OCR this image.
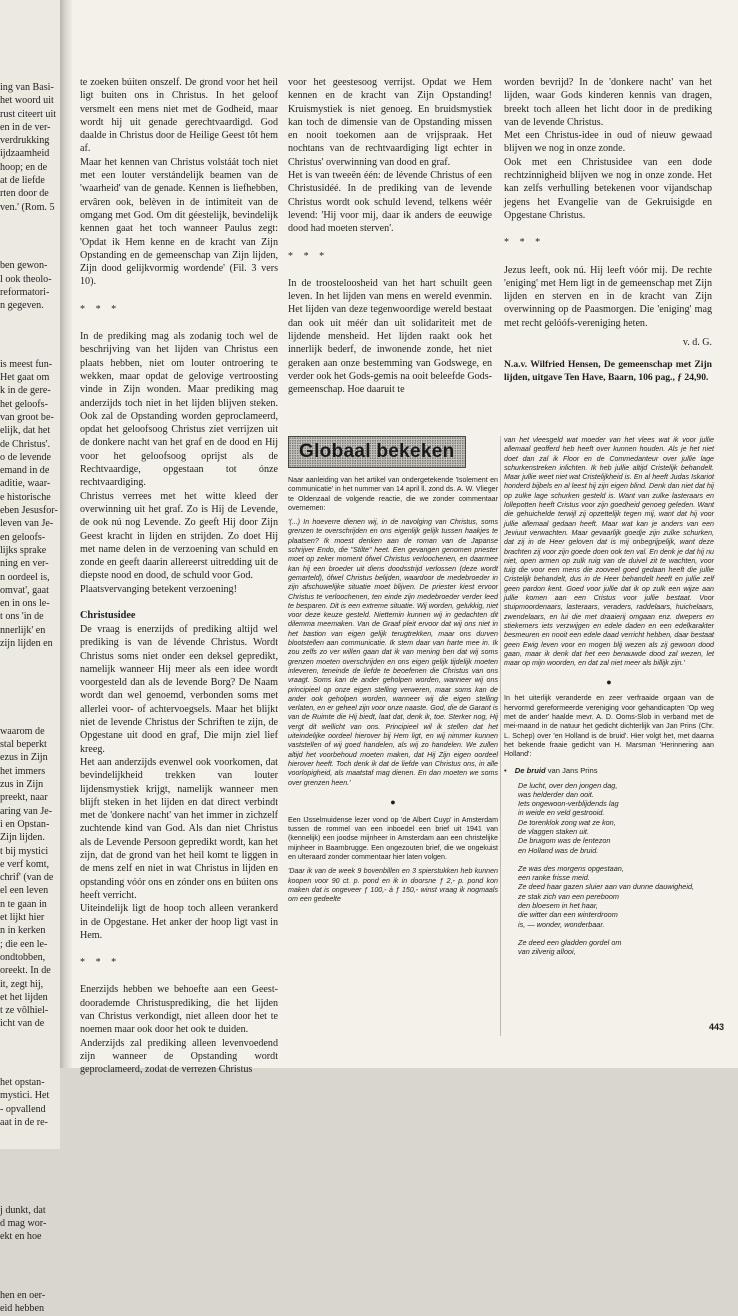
ing van Basi-

het woord uit

rust citeert uit

en in de ver-

verdrukking

ijdzaamheid

hoop; en de

at de liefde

rten door de

ven.' (Rom. 5

ben gewon-

l ook theolo-

reformatori-

n gegeven.

is meest fun-

Het gaat om

k in de gere-

het geloofs-

van groot be-

elijk, dat het

de Christus'.

o de levende

emand in de

aditie, waar-

e historische

eben Jesusfor-

leven van Je-

en geloofs-

lijks sprake

ning en ver-

n oordeel is,

omvat', gaat

en in ons le-

t ons 'in de

nnerlijk' en

zijn lijden en

waarom de

stal beperkt

ezus in Zijn

het immers

zus in Zijn

preekt, naar

aring van Je-

i en Opstan-

Zijn lijden.

t bij mystici

e verf komt,

chrif' (van de

el een leven

n te gaan in

et lijkt hier

n in kerken

; die een le-

ondtobben,

oreekt. In de

it, zegt hij,

et het lijden

t ze vôlhiel-

icht van de

het opstan-

mystici. Het

- opvallend

aat in de re-

j dunkt, dat

d mag wor-

ekt en hoe

hen en oer-

eid hebben

te zoeken búiten onszelf. De grond voor het heil ligt buiten ons in Christus. In het geloof versmelt een mens niet met de Godheid, maar wordt hij uit genade gerechtvaardigd. God daalde in Christus door de Heilige Geest tôt hem af.

Maar het kennen van Christus volstáát toch niet met een louter verstándelijk beamen van de 'waarheid' van de genade. Kennen is liefhebben, ervâren ook, belèven in de intimiteit van de omgang met God. Om dit géestelijk, bevindelijk kennen gaat het toch wanneer Paulus zegt: 'Opdat ik Hem kenne en de kracht van Zijn Opstanding en de gemeenschap van Zijn lijden, Zijn dood gelijkvormig wordende' (Fil. 3 vers 10).

* * *

In de prediking mag als zodanig toch wel de beschrijving van het lijden van Christus een plaats hebben, niet om louter ontroering te wekken, maar opdat de gelovige vertroosting vinde in Zijn wonden. Maar prediking mag anderzijds toch niet in het lijden blijven steken. Ook zal de Opstanding worden geproclameerd, opdat het geloofsoog Christus zíet verrijzen uit de donkere nacht van het graf en de dood en Hij voor het geloofsoog oprijst als de Rechtvaardige, opgestaan tot ónze rechtvaardiging.

Christus verrees met het witte kleed der overwinning uit het graf. Zo is Hij de Levende, de ook nú nog Levende. Zo geeft Hij door Zijn Geest kracht in lijden en strijden. Zo doet Hij met name delen in de verzoening van schuld en zonde en geeft daarin allereerst uitredding uit de diepste nood en dood, de schuld voor God.

Plaatsvervanging betekent verzoening!

Christusidee

De vraag is enerzijds of prediking altijd wel prediking is van de lévende Christus. Wordt Christus soms niet onder een deksel gepredikt, namelijk wanneer Hij meer als een idee wordt voorgesteld dan als de levende Borg? De Naam wordt dan wel genoemd, verbonden soms met allerlei voor- of achtervoegsels. Maar het blijkt niet de levende Christus der Schriften te zijn, de Opgestane uit dood en graf, Die mijn ziel lief kreeg.

Het aan anderzijds evenwel ook voorkomen, dat bevindelijkheid trekken van louter lijdensmystiek krijgt, namelijk wanneer men blijft steken in het lijden en dat direct verbindt met de 'donkere nacht' van het immer in zichzelf zuchtende kind van God. Als dan niet Christus als de Levende Persoon gepredikt wordt, kan het zijn, dat de grond van het heil komt te liggen in de mens zelf en niet in wat Christus in lijden en opstanding vóór ons en zónder ons en búiten ons heeft verricht.

Uiteindelijk ligt de hoop toch alleen verankerd in de Opgestane. Het anker der hoop ligt vast in Hem.

* * *

Enerzijds hebben we behoefte aan een Geest-doorademde Christusprediking, die het lijden van Christus verkondigt, niet alleen door het te noemen maar ook door het ook te duiden.

Anderzijds zal prediking alleen levenvoedend zijn wanneer de Opstanding wordt geproclameerd, zodat de verrezen Christus

voor het geestesoog verrijst. Opdat we Hem kennen en de kracht van Zijn Opstanding! Kruismystiek is niet genoeg. En bruidsmystiek kan toch de dimensie van de Opstanding missen en nooit toekomen aan de vrijspraak. Het nochtans van de rechtvaardiging ligt echter in Christus' overwinning van dood en graf.

Het is van tweeën één: de lévende Christus of een Christusidéé. In de prediking van de levende Christus wordt ook schuld levend, telkens wéér levend: 'Hij voor mij, daar ik anders de eeuwige dood had moeten sterven'.

* * *

In de troosteloosheid van het hart schuilt geen leven. In het lijden van mens en wereld evenmin. Het lijden van deze tegenwoordige wereld bestaat dan ook uit méér dan uit solidariteit met de lijdende mensheid. Het lijden raakt ook het innerlijk bederf, de inwonende zonde, het niet geraken aan onze bestemming van Godswege, en verder ook het Gods-gemis na ooit beleefde Gods-gemeenschap. Hoe daaruit te

worden bevrijd? In de 'donkere nacht' van het lijden, waar Gods kinderen kennis van dragen, breekt toch alleen het licht door in de prediking van de levende Christus.

Met een Christus-idee in oud of nieuw gewaad blijven we nog in onze zonde.

Ook met een Christusidee van een dode rechtzinnigheid blijven we nog in onze zonde. Het kan zelfs verhulling betekenen voor vijandschap jegens het Evangelie van de Gekruisigde en Opgestane Christus.

* * *

Jezus leeft, ook nú. Hij leeft vóór mij. De rechte 'eniging' met Hem ligt in de gemeenschap met Zijn lijden en sterven en in de kracht van Zijn overwinning op de Paasmorgen. Die 'eniging' mag met recht gelóófs-vereniging heten.

v. d. G.

N.a.v. Wilfried Hensen, De gemeenschap met Zijn lijden, uitgave Ten Have, Baarn, 106 pag., ƒ 24,90.

Globaal bekeken

Naar aanleiding van het artikel van ondergetekende 'Isolement en communicatie' in het nummer van 14 april ll. zond ds. A. W. Vlieger te Oldenzaal de volgende reactie, die we zonder commentaar overnemen:

'(...) In hoeverre dienen wij, in de navolging van Christus, soms grenzen te overschrijden en ons eigenlijk gelijk tussen haakjes te plaatsen? Ik moest denken aan de roman van de Japanse schrijver Endo, die "Stilte" heet. Een gevangen genomen priester moet op zeker moment ófwel Christus verloochenen, en daarmee kan hij een broeder uit diens doodsstrijd verlossen (deze wordt gemarteld), ófwel Christus belijden, waardoor de medebroeder in zijn afschuwelijke situatie moet blijven. De priester kiest ervoor Christus te verloochenen, ten einde zijn medebroeder verder leed te besparen. Dit is een extreme situatie. Wij worden, gelukkig, niet voor deze keuze gesteld. Niettemin kunnen wij in gedachten dit dilemma meemaken. Van de Graaf pleit ervoor dat wij ons niet in het bastion van eigen gelijk terugtrekken, maar ons durven blootstellen aan communicatie. Ik stem daar van harte mee in. Ik zou zelfs zo ver willen gaan dat ik van mening ben dat wij soms grenzen moeten overschrijden en ons eigen gelijk tijdelijk moeten inleveren, teneinde de liefde te beoefenen die Christus van ons vraagt. Soms kan de ander geholpen worden, wanneer wij ons principieel op onze eigen stelling verweren, maar soms kan de ander ook geholpen worden, wanneer wij die eigen stelling verlaten, en er geheel zijn voor onze naaste. God, die de Garant is van de Ruimte die Hij biedt, laat dat, denk ik, toe. Sterker nog, Hij vergt dit wellicht van ons. Principieel wil ik stellen dat het uiteindelijke oordeel hierover bij Hem ligt, en wij nimmer kunnen vaststellen of wij goed handelen, als wij zo handelen. We zullen altijd het voorbehoud moeten maken, dat Hij Zijn eigen oordeel hierover heeft. Toch denk ik dat de liefde van Christus ons, in alle voorlopigheid, als maatstaf mag dienen. En dan moeten we soms over grenzen heen.'

●

Een IJsselmuidense lezer vond op 'de Albert Cuyp' in Amsterdam tussen de rommel van een inboedel een brief uit 1941 van (kennelijk) een joodse mijnheer in Amsterdam aan een christelijke mijnheer in Baarnbrugge. Een ongezouten brief, die we ongekuist en ulteraard zonder commentaar hier laten volgen.

'Daar ik van de week 9 bovenbillen en 3 spierstukken heb kunnen koopen voor 90 ct. p. pond en ik in doorsne ƒ 2,- p. pond kon maken dat is ongeveer ƒ 100,- à ƒ 150,- winst vraag ik nogmaals om een gedeelte

van het vleesgeld wat moeder van het vlees wat ik voor jullie allemaal geofferd heb heeft over kunnen houden. Als je het niet doet dan zal ik Floor en de Commedanteur over jullie lage schurkenstreken inlichten. Ik heb jullie altijd Cristelijk behandelt. Maar jullie weet niet wat Cristelijkheid is. En al heeft Judas Iskariot honderd bijbels en al leest hij zijn eigen blind. Denk dan niet dat hij op zulke lage schurken gesteld is. Want van zulke lasteraars en lollepotten heeft Cristus voor zijn goedheid genoeg geleden. Want die gehuichelde terwijl zij opzettelijk tegen mij, want dat hij voor jullie allemaal gedaan heeft. Maar wat kan je anders van een Jeviuut verwachten. Maar gevaarlijk goedje zijn zulke schurken, dat zij in de Heer geloven dat is mij onbegrijpelijk, want deze brachten zij voor zijn goede doen ook ten val. En denk je dat hij nu niet, open armen op zulk ruig van de duivel zit te wachten, voor tuig die voor een mens die zooveel goed gedaan heeft die jullie Cristelijk behandelt, dus in de Heer behandelt heeft en jullie zelf geen pardon kent. Goed voor jullie dat ik op zulk een wijze aan jullie komen aan een Cristus voor jullie bestaat. Voor stuipmoordenaars, lasteraars, veraders, raddelaars, huichelaars, zwendelaars, en lui die met draaierij omgaan enz. dwepers en stiekemers iets verzwijgen en edele daden en een edelkarakter besmeuren en nooit een edele daad verricht hebben, daar bestaat geen Ewig leven voor en mogen blij wezen als zij gewoon dood gaan, maar ik denk dat het een benauwde dood zal wezen, let maar op mijn woorden, en dat zal niet meer als billijk zijn.'

●

In het uiterlijk veranderde en zeer verfraaide orgaan van de hervormd gereformeerde vereniging voor gehandicapten 'Op weg met de ander' haalde mevr. A. D. Ooms-Slob in verband met de mei-maand in de natuur het gedicht dichterlijk van Jan Prins (Chr. L. Schep) over 'en Holland is de bruid'. Hier volgt het, met daarna het bekende fraaie gedicht van H. Marsman 'Herinnering aan Holland':

• De bruid van Jans Prins
De lucht, over den jongen dag,
was helderder dan ooit.
Iets ongewoon-verblijdends lag
in weide en veld gestrooid.
De torenklok zong wat ze kon,
de vlaggen staken uit.
De bruigom was de lentezon
en Holland was de bruid.
Ze was des morgens opgestaan,
een ranke frisse meid.
Ze deed haar gazen sluier aan van dunne dauwigheid,
ze stak zich van een pereboom
den bloesem in het haar,
die witter dan een winterdroom
is, — wonder, wonderbaar.
Ze deed een gladden gordel om
van zilverig allooi,
443
